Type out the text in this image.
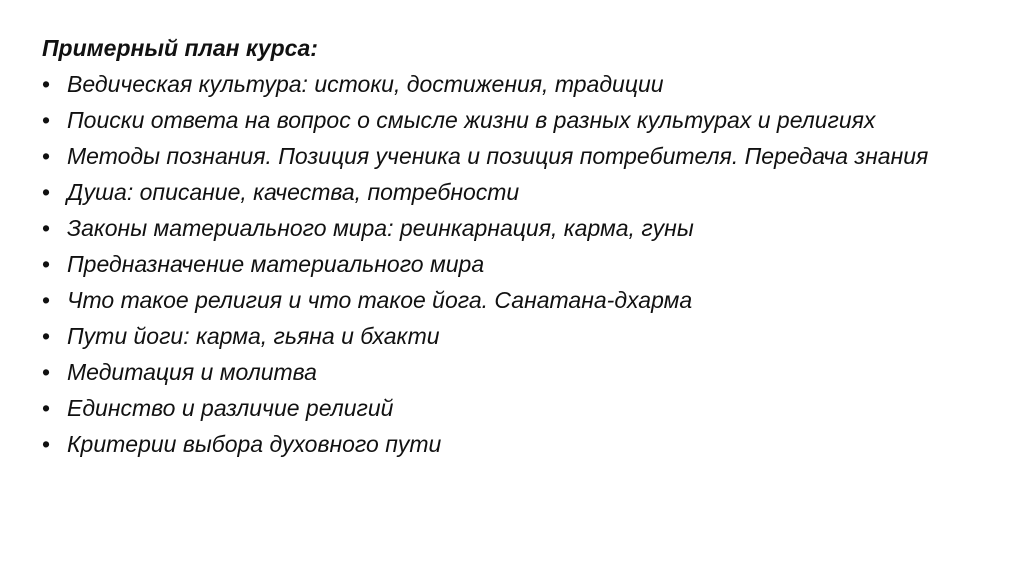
Примерный план курса:

• Ведическая культура: истоки, достижения, традиции
• Поиски ответа на вопрос о смысле жизни в разных культурах и религиях
• Методы познания. Позиция ученика и позиция потребителя. Передача знания
• Душа: описание, качества, потребности
• Законы материального мира: реинкарнация, карма, гуны
• Предназначение материального мира
• Что такое религия и что такое йога. Санатана-дхарма
• Пути йоги: карма, гьяна и бхакти
• Медитация и молитва
• Единство и различие религий
• Критерии выбора духовного пути
